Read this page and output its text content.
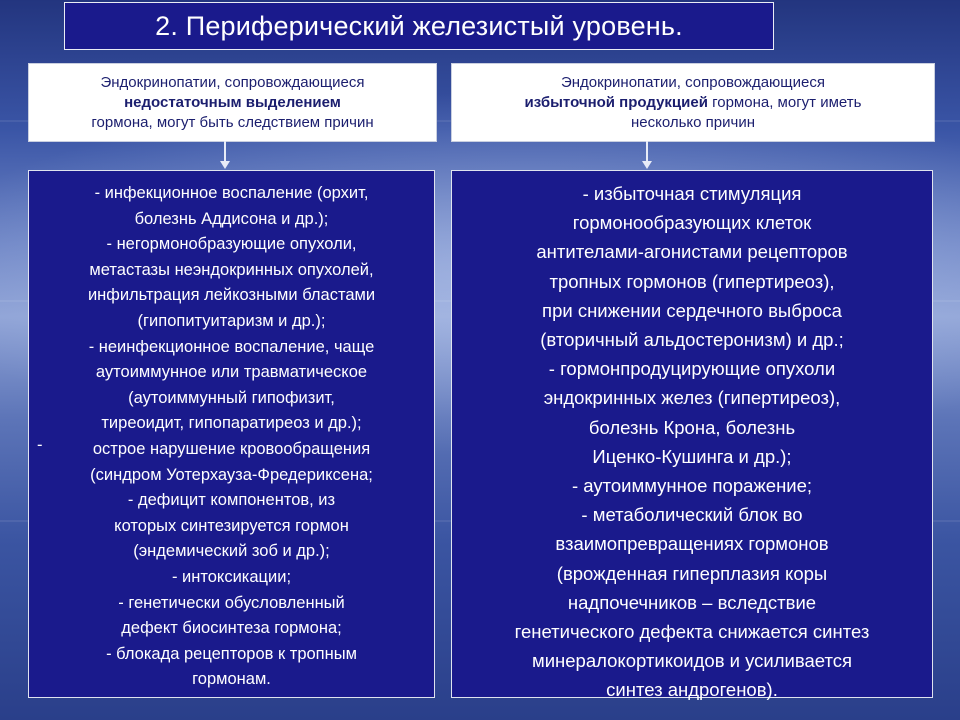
2. Периферический железистый уровень.
Эндокринопатии, сопровождающиеся
недостаточным выделением
гормона, могут быть следствием причин
Эндокринопатии, сопровождающиеся
избыточной продукцией гормона, могут иметь
несколько причин
-
- инфекционное воспаление (орхит,
болезнь Аддисона и др.);
- негормонобразующие опухоли,
метастазы неэндокринных опухолей,
инфильтрация лейкозными бластами
(гипопитуитаризм и др.);
- неинфекционное воспаление, чаще
аутоиммунное или травматическое
(аутоиммунный гипофизит,
тиреоидит, гипопаратиреоз и др.);
острое нарушение кровообращения
(синдром Уотерхауза-Фредериксена;
- дефицит компонентов, из
которых синтезируется гормон
(эндемический зоб и др.);
- интоксикации;
- генетически обусловленный
дефект биосинтеза гормона;
- блокада рецепторов к тропным
гормонам.
- избыточная стимуляция
гормонообразующих клеток
антителами-агонистами рецепторов
тропных гормонов (гипертиреоз),
при снижении сердечного выброса
(вторичный альдостеронизм) и др.;
- гормонпродуцирующие опухоли
эндокринных желез (гипертиреоз),
болезнь Крона, болезнь
Иценко-Кушинга и др.);
- аутоиммунное поражение;
- метаболический блок во
взаимопревращениях гормонов
(врожденная гиперплазия коры
надпочечников – вследствие
генетического дефекта снижается синтез
минералокортикоидов и усиливается
синтез андрогенов).
